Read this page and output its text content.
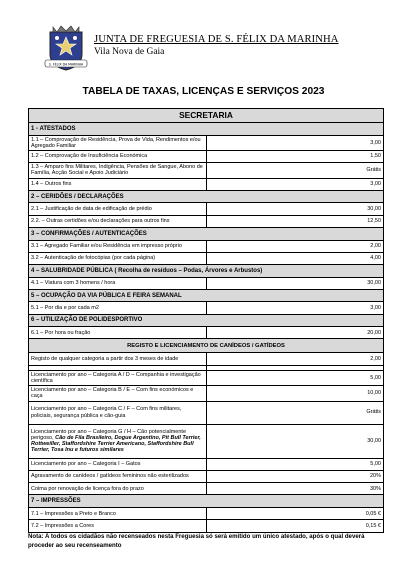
S. FÉLIX DA MARINHA
JUNTA DE FREGUESIA DE S. FÉLIX DA MARINHA
Vila Nova de Gaia
TABELA DE TAXAS, LICENÇAS E SERVIÇOS 2023
SECRETARIA	
1 - ATESTADOS	
1.1 – Comprovação de Residência, Prova de Vida, Rendimentos e/ou Agregado Familiar	3,00
1.2 – Comprovação de Insuficiência Económica	1,50
1.3 – Amparo fins Militares, Indigência, Pensões de Sangue, Abono de Família, Acção Social e Apoio Judiciário	Grátis
1.4 – Outros fins	3,00
2 – CERIDÕES / DECLARAÇÕES	
2.1 – Justificação de data de edificação de prédio	30,00
2.2. – Outras certidões e/ou declarações para outros fins	12,50
3 – CONFIRMAÇÕES / AUTENTICAÇÕES	
3.1 – Agregado Familiar e/ou Residência em impresso próprio	2,00
3.2 – Autenticação de fotocópias (por cada página)	4,00
4 – SALUBRIDADE PÚBLICA ( Recolha de resíduos – Podas, Árvores e Arbustos)	
4.1 – Viatura com 3 homens / hora	30,00
5 – OCUPAÇÃO DA VIA PÚBLICA E FEIRA SEMANAL	
5.1 – Por dia e por cada m2	3,00
6 – UTILIZAÇÃO DE POLIDESPORTIVO	
6.1 – Por hora ou fração	20,00
REGISTO E LICENCIAMENTO DE CANÍDEOS / GATÍDEOS	
Registo de qualquer categoria a partir dos 3 meses de idade	2,00

Licenciamento por ano – Categoria A / D – Companhia e investigação científica	5,00
Licenciamento por ano – Categoria B / E – Com fins económicos e caça	10,00
Licenciamento por ano – Categoria C / F – Com fins militares, policiais, segurança pública e cão-guia	Grátis
Licenciamento por ano – Categoria G / H – Cão potencialmente perigoso, Cão de Fila Brasileiro, Dogue Argentino, Pit Bull Terrier, Rottweiller, Staffordshire Terrier Americano, Staffordshire Bull Terrier, Tosa Inu e futuros similares	30,00
Licenciamento por ano – Categoria I – Gatos	5,00
Agravamento de canídeos / gatídeos femininos não esterilizados	20%
Coima por renovação de licença fora do prazo	30%
7 – IMPRESSÕES	
7.1 – Impressões a Preto e Branco	0,05 €
7.2 – Impressões a Cores	0,15 €
Nota: A todos os cidadãos não recenseados nesta Freguesia só será emitido um único atestado, após o qual deverá proceder ao seu recenseamento
